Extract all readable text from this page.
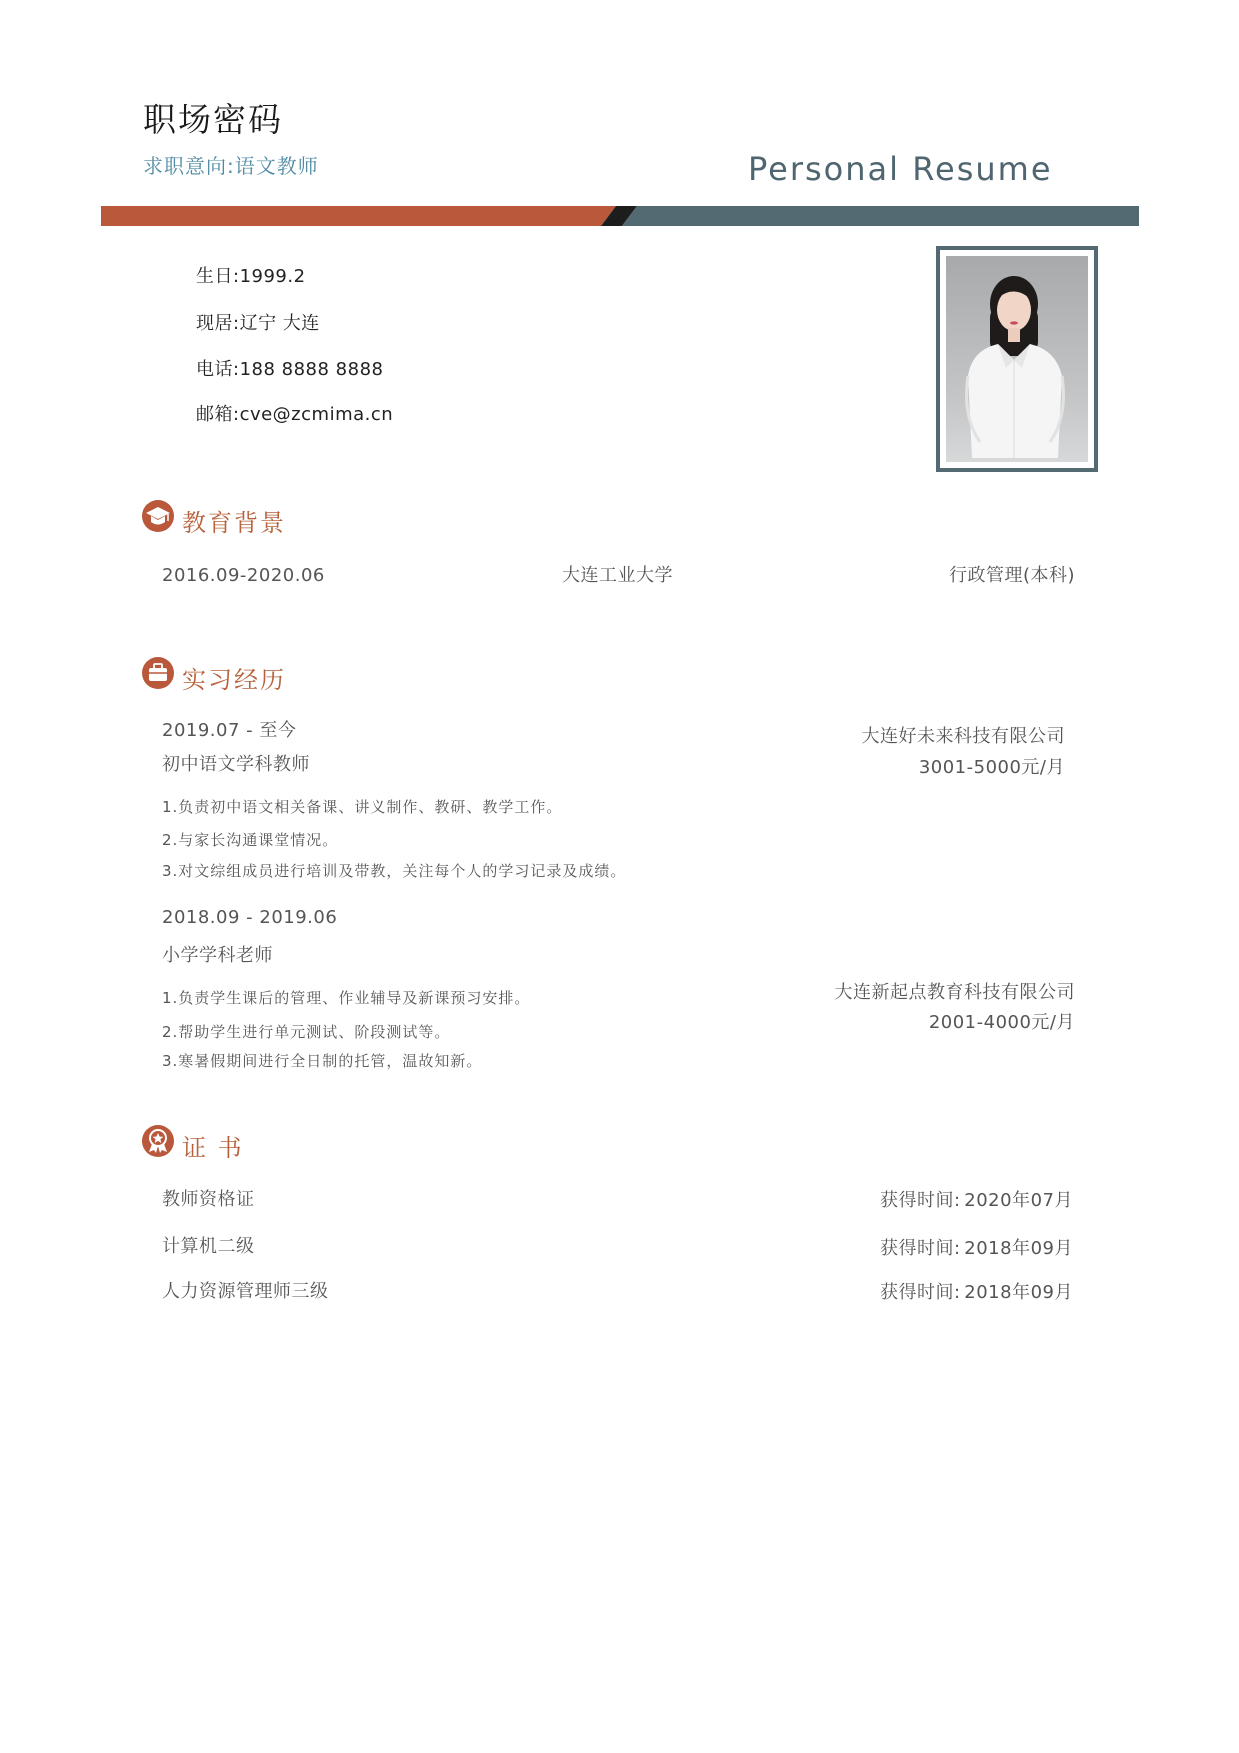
职场密码
求职意向:语文教师	Personal Resume
生日:1999.2
现居:辽宁 大连
电话:188 8888 8888
邮箱:cve@zcmima.cn
教育背景
2016.09-2020.06	大连工业大学	行政管理(本科)
实习经历
2019.07 - 至今
初中语文学科教师
大连好未来科技有限公司
3001-5000元/月
1.负责初中语文相关备课、讲义制作、教研、教学工作。
2.与家长沟通课堂情况。
3.对文综组成员进行培训及带教，关注每个人的学习记录及成绩。
2018.09 - 2019.06
小学学科老师
大连新起点教育科技有限公司
2001-4000元/月
1.负责学生课后的管理、作业辅导及新课预习安排。
2.帮助学生进行单元测试、阶段测试等。
3.寒暑假期间进行全日制的托管，温故知新。
证 书
教师资格证	获得时间: 2020年07月
计算机二级	获得时间: 2018年09月
人力资源管理师三级	获得时间: 2018年09月
